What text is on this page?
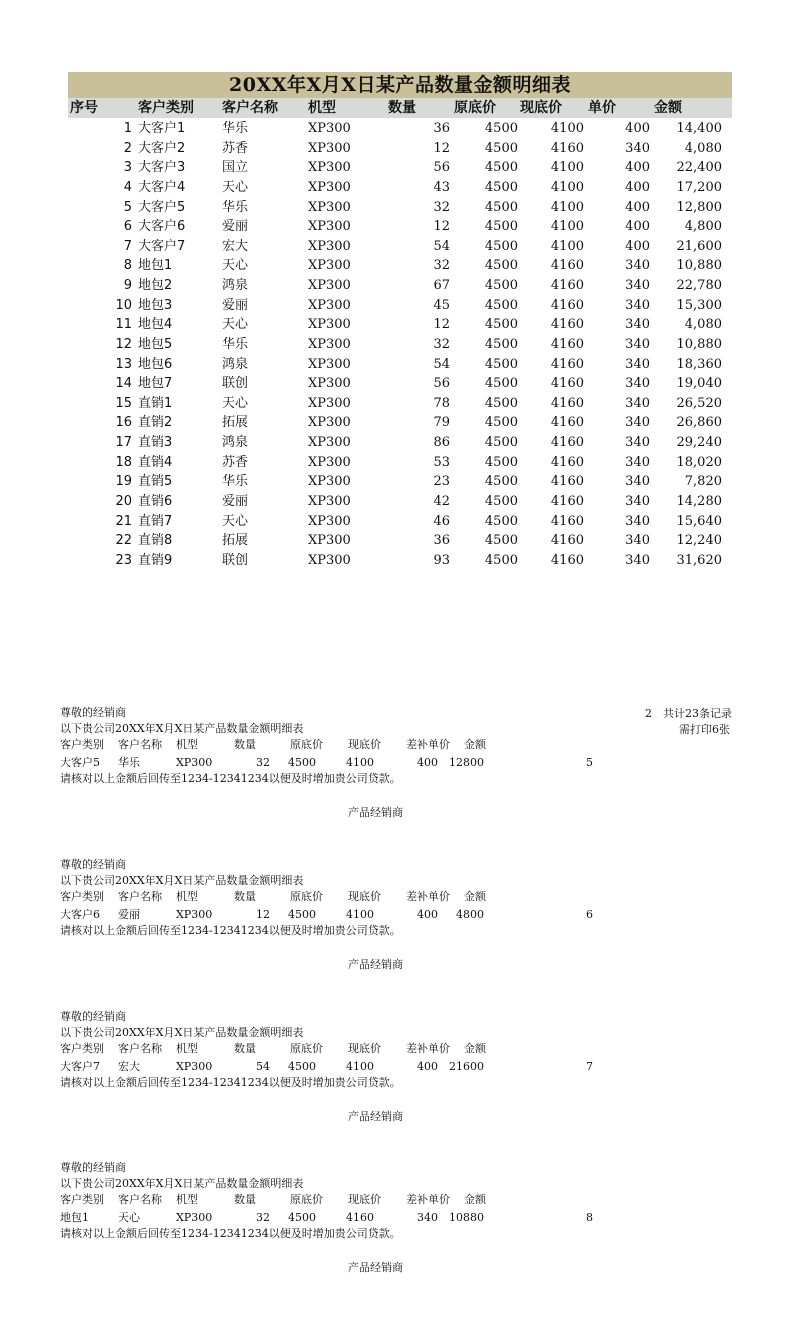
20XX年X月X日某产品数量金额明细表
序号	客户类别 客户名称 机型	数量	原底价 现底价 单价	金额
1 大客户1	华乐	XP300	36	4500	4100	400	14,400
2 大客户2	苏香	XP300	12	4500	4160	340	4,080
3 大客户3	国立	XP300	56	4500	4100	400	22,400
4 大客户4	天心	XP300	43	4500	4100	400	17,200
5 大客户5	华乐	XP300	32	4500	4100	400	12,800
6 大客户6	爱丽	XP300	12	4500	4100	400	4,800
7 大客户7	宏大	XP300	54	4500	4100	400	21,600
8 地包1	天心	XP300	32	4500	4160	340	10,880
9 地包2	鸿泉	XP300	67	4500	4160	340	22,780
10 地包3	爱丽	XP300	45	4500	4160	340	15,300
11 地包4	天心	XP300	12	4500	4160	340	4,080
12 地包5	华乐	XP300	32	4500	4160	340	10,880
13 地包6	鸿泉	XP300	54	4500	4160	340	18,360
14 地包7	联创	XP300	56	4500	4160	340	19,040
15 直销1	天心	XP300	78	4500	4160	340	26,520
16 直销2	拓展	XP300	79	4500	4160	340	26,860
17 直销3	鸿泉	XP300	86	4500	4160	340	29,240
18 直销4	苏香	XP300	53	4500	4160	340	18,020
19 直销5	华乐	XP300	23	4500	4160	340	7,820
20 直销6	爱丽	XP300	42	4500	4160	340	14,280
21 直销7	天心	XP300	46	4500	4160	340	15,640
22 直销8	拓展	XP300	36	4500	4160	340	12,240
23 直销9	联创	XP300	93	4500	4160	340	31,620
2 共计23条记录
需打印6张
尊敬的经销商
以下贵公司20XX年X月X日某产品数量金额明细表
客户类别 客户名称 机型	数量	原底价 现底价 差补单价 金额
大客户5 华乐	XP300	32	4500	4100	400	12800	5
请核对以上金额后回传至1234-12341234以便及时增加贵公司贷款。
产品经销商
尊敬的经销商
以下贵公司20XX年X月X日某产品数量金额明细表
客户类别 客户名称 机型	数量	原底价 现底价 差补单价 金额
大客户6 爱丽	XP300	12	4500	4100	400	4800	6
请核对以上金额后回传至1234-12341234以便及时增加贵公司贷款。
产品经销商
尊敬的经销商
以下贵公司20XX年X月X日某产品数量金额明细表
客户类别 客户名称 机型	数量	原底价 现底价 差补单价 金额
大客户7 宏大	XP300	54	4500	4100	400	21600	7
请核对以上金额后回传至1234-12341234以便及时增加贵公司贷款。
产品经销商
尊敬的经销商
以下贵公司20XX年X月X日某产品数量金额明细表
客户类别 客户名称 机型	数量	原底价 现底价 差补单价 金额
地包1	天心	XP300	32	4500	4160	340	10880	8
请核对以上金额后回传至1234-12341234以便及时增加贵公司贷款。
产品经销商
